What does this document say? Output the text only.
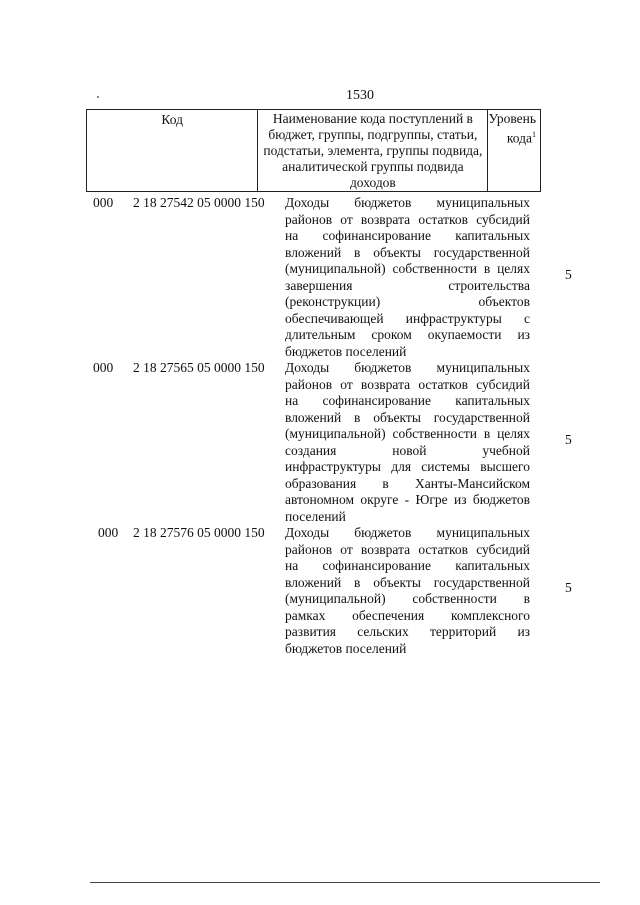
1530
Код	Наименование кода поступлений в
бюджет, группы, подгруппы, статьи,
подстатьи, элемента, группы подвида,
аналитической группы подвида доходов

Уровень
кода$^1$
000 2 18 27542 05 0000 150 Доходы бюджетов муниципальных
районов от возврата остатков субсидий
на софинансирование капитальных
вложений в объекты государственной
(муниципальной) собственности в целях
завершения строительства
(реконструкции) объектов
обеспечивающей инфраструктуры с
длительным сроком окупаемости из
бюджетов поселений
5
000 2 18 27565 05 0000 150 Доходы бюджетов муниципальных
районов от возврата остатков субсидий
на софинансирование капитальных
вложений в объекты государственной
(муниципальной) собственности в целях
создания новой учебной
инфраструктуры для системы высшего
образования в Ханты-Мансийском
автономном округе - Югре из бюджетов
поселений
5
000 2 18 27576 05 0000 150 Доходы бюджетов муниципальных
районов от возврата остатков субсидий
на софинансирование капитальных
вложений в объекты государственной
(муниципальной) собственности в
рамках обеспечения комплексного
развития сельских территорий из
бюджетов поселений
5
